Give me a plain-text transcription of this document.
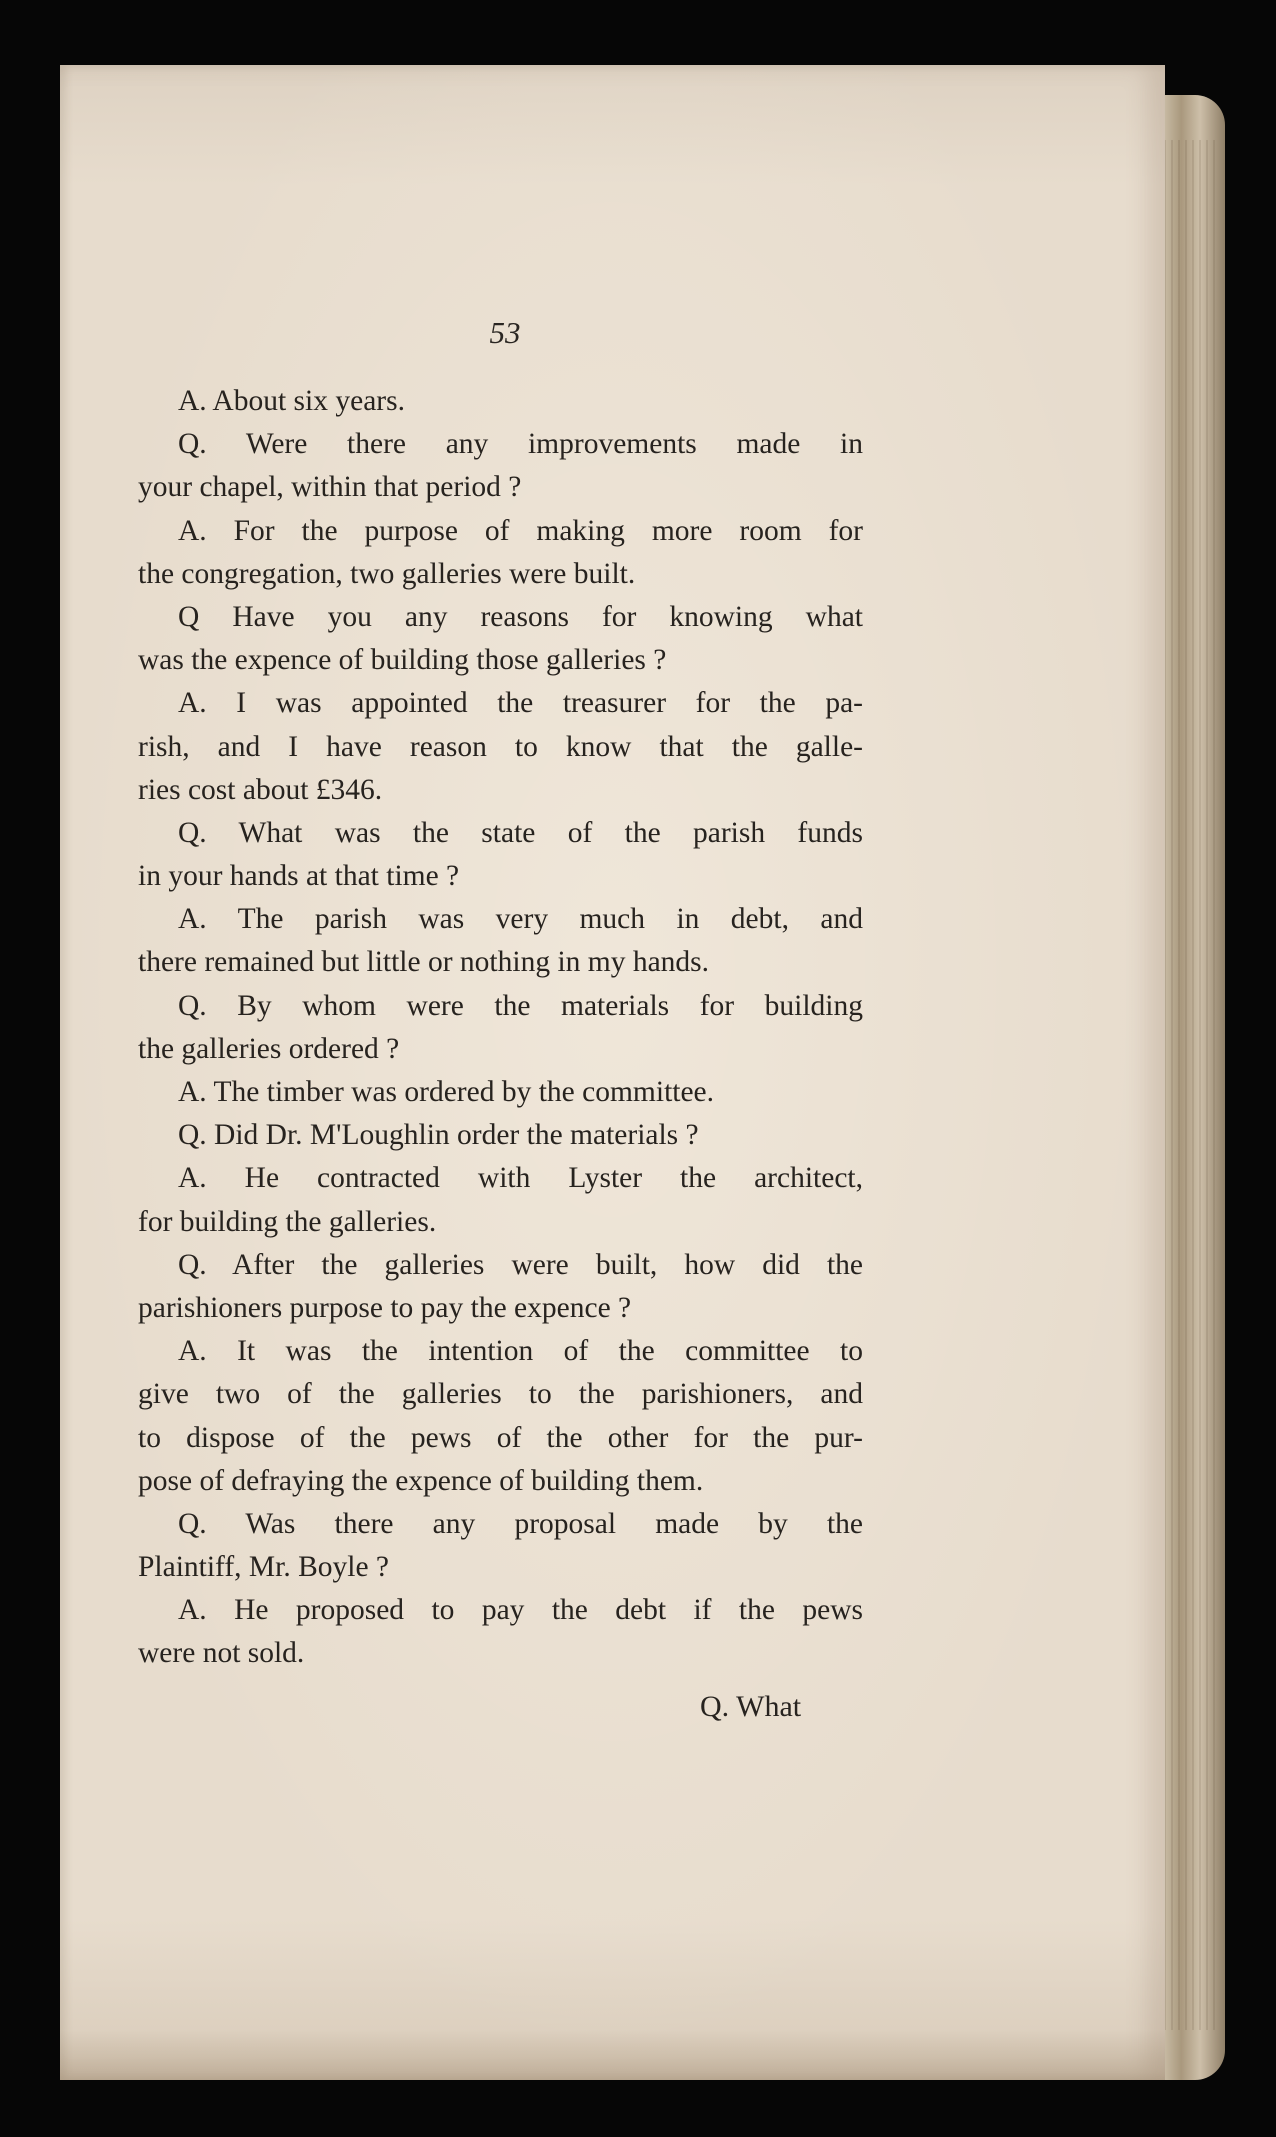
53
A. About six years.
Q. Were there any improvements made in
your chapel, within that period ?
A. For the purpose of making more room for
the congregation, two galleries were built.
Q Have you any reasons for knowing what
was the expence of building those galleries ?
A. I was appointed the treasurer for the pa-
rish, and I have reason to know that the galle-
ries cost about £346.
Q. What was the state of the parish funds
in your hands at that time ?
A. The parish was very much in debt, and
there remained but little or nothing in my hands.
Q. By whom were the materials for building
the galleries ordered ?
A. The timber was ordered by the committee.
Q. Did Dr. M'Loughlin order the materials ?
A. He contracted with Lyster the architect,
for building the galleries.
Q. After the galleries were built, how did the
parishioners purpose to pay the expence ?
A. It was the intention of the committee to
give two of the galleries to the parishioners, and
to dispose of the pews of the other for the pur-
pose of defraying the expence of building them.
Q. Was there any proposal made by the
Plaintiff, Mr. Boyle ?
A. He proposed to pay the debt if the pews
were not sold.
Q. What
